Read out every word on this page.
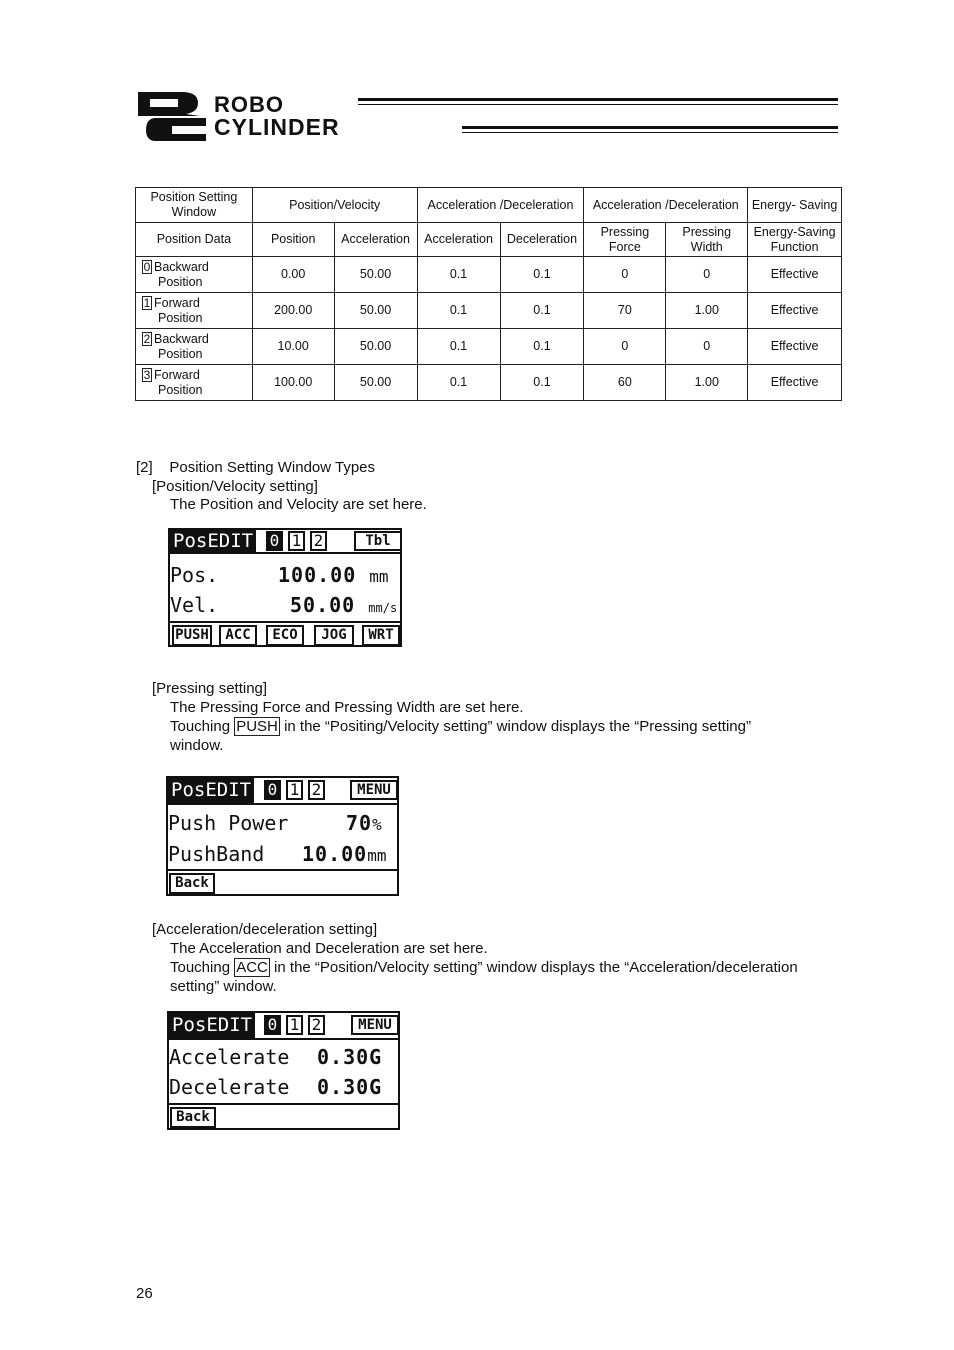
ROBO
CYLINDER
Position Setting Window	Position/Velocity		Acceleration /Deceleration		Acceleration /Deceleration		Energy- Saving
Position Data	Position	Acceleration	Acceleration	Deceleration	Pressing Force	Pressing Width	Energy-Saving Function
0 Backward
Position	0.00	50.00	0.1	0.1	0	0	Effective
1 Forward
Position	200.00	50.00	0.1	0.1	70	1.00	Effective
2 Backward
Position	10.00	50.00	0.1	0.1	0	0	Effective
3 Forward
Position	100.00	50.00	0.1	0.1	60	1.00	Effective
[2]    Position Setting Window Types
[Position/Velocity setting]
The Position and Velocity are set here.
PosEDIT 0 1 2	Tbl
Pos.	100.00 mm
Vel.	50.00 mm/s
PUSH	ACC	ECO	JOG	WRT
[Pressing setting]
The Pressing Force and Pressing Width are set here.
Touching PUSH in the “Positing/Velocity setting” window displays the “Pressing setting”
window.
PosEDIT 0 1 2	MENU
Push Power	70%
PushBand 10.00mm
Back
[Acceleration/deceleration setting]
The Acceleration and Deceleration are set here.
Touching ACC in the “Position/Velocity setting” window displays the “Acceleration/deceleration
setting” window.
PosEDIT 0 1 2	MENU
Accelerate 0.30G
Decelerate 0.30G
Back
26
